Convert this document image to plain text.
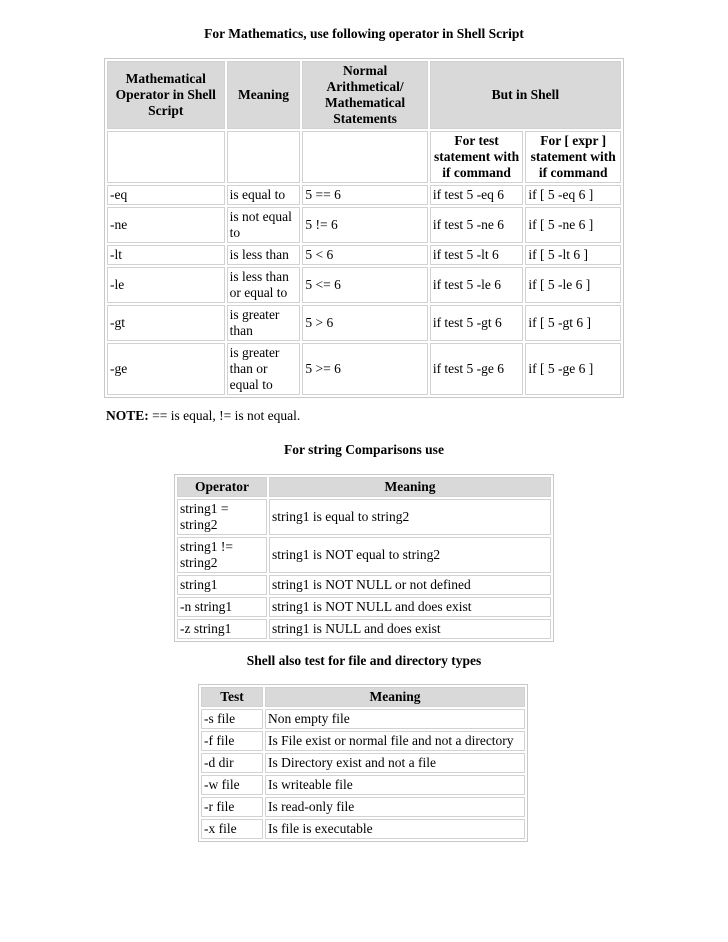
For Mathematics, use following operator in Shell Script
Mathematical Operator in Shell Script	Meaning	Normal Arithmetical/ Mathematical Statements	But in Shell	
			For test statement with if command	For [ expr ] statement with if command
-eq	is equal to	5 == 6	if test 5 -eq 6	if [ 5 -eq 6 ]
-ne	is not equal to	5 != 6	if test 5 -ne 6	if [ 5 -ne 6 ]
-lt	is less than	5 < 6	if test 5 -lt 6	if [ 5 -lt 6 ]
-le	is less than or equal to	5 <= 6	if test 5 -le 6	if [ 5 -le 6 ]
-gt	is greater than	5 > 6	if test 5 -gt 6	if [ 5 -gt 6 ]
-ge	is greater than or equal to	5 >= 6	if test 5 -ge 6	if [ 5 -ge 6 ]
NOTE: == is equal, != is not equal.
For string Comparisons use
Operator	Meaning
string1 = string2	string1 is equal to string2
string1 != string2	string1 is NOT equal to string2
string1	string1 is NOT NULL or not defined
-n string1	string1 is NOT NULL and does exist
-z string1	string1 is NULL and does exist
Shell also test for file and directory types
Test	Meaning
-s file	Non empty file
-f file	Is File exist or normal file and not a directory
-d dir	Is Directory exist and not a file
-w file	Is writeable file
-r file	Is read-only file
-x file	Is file is executable
